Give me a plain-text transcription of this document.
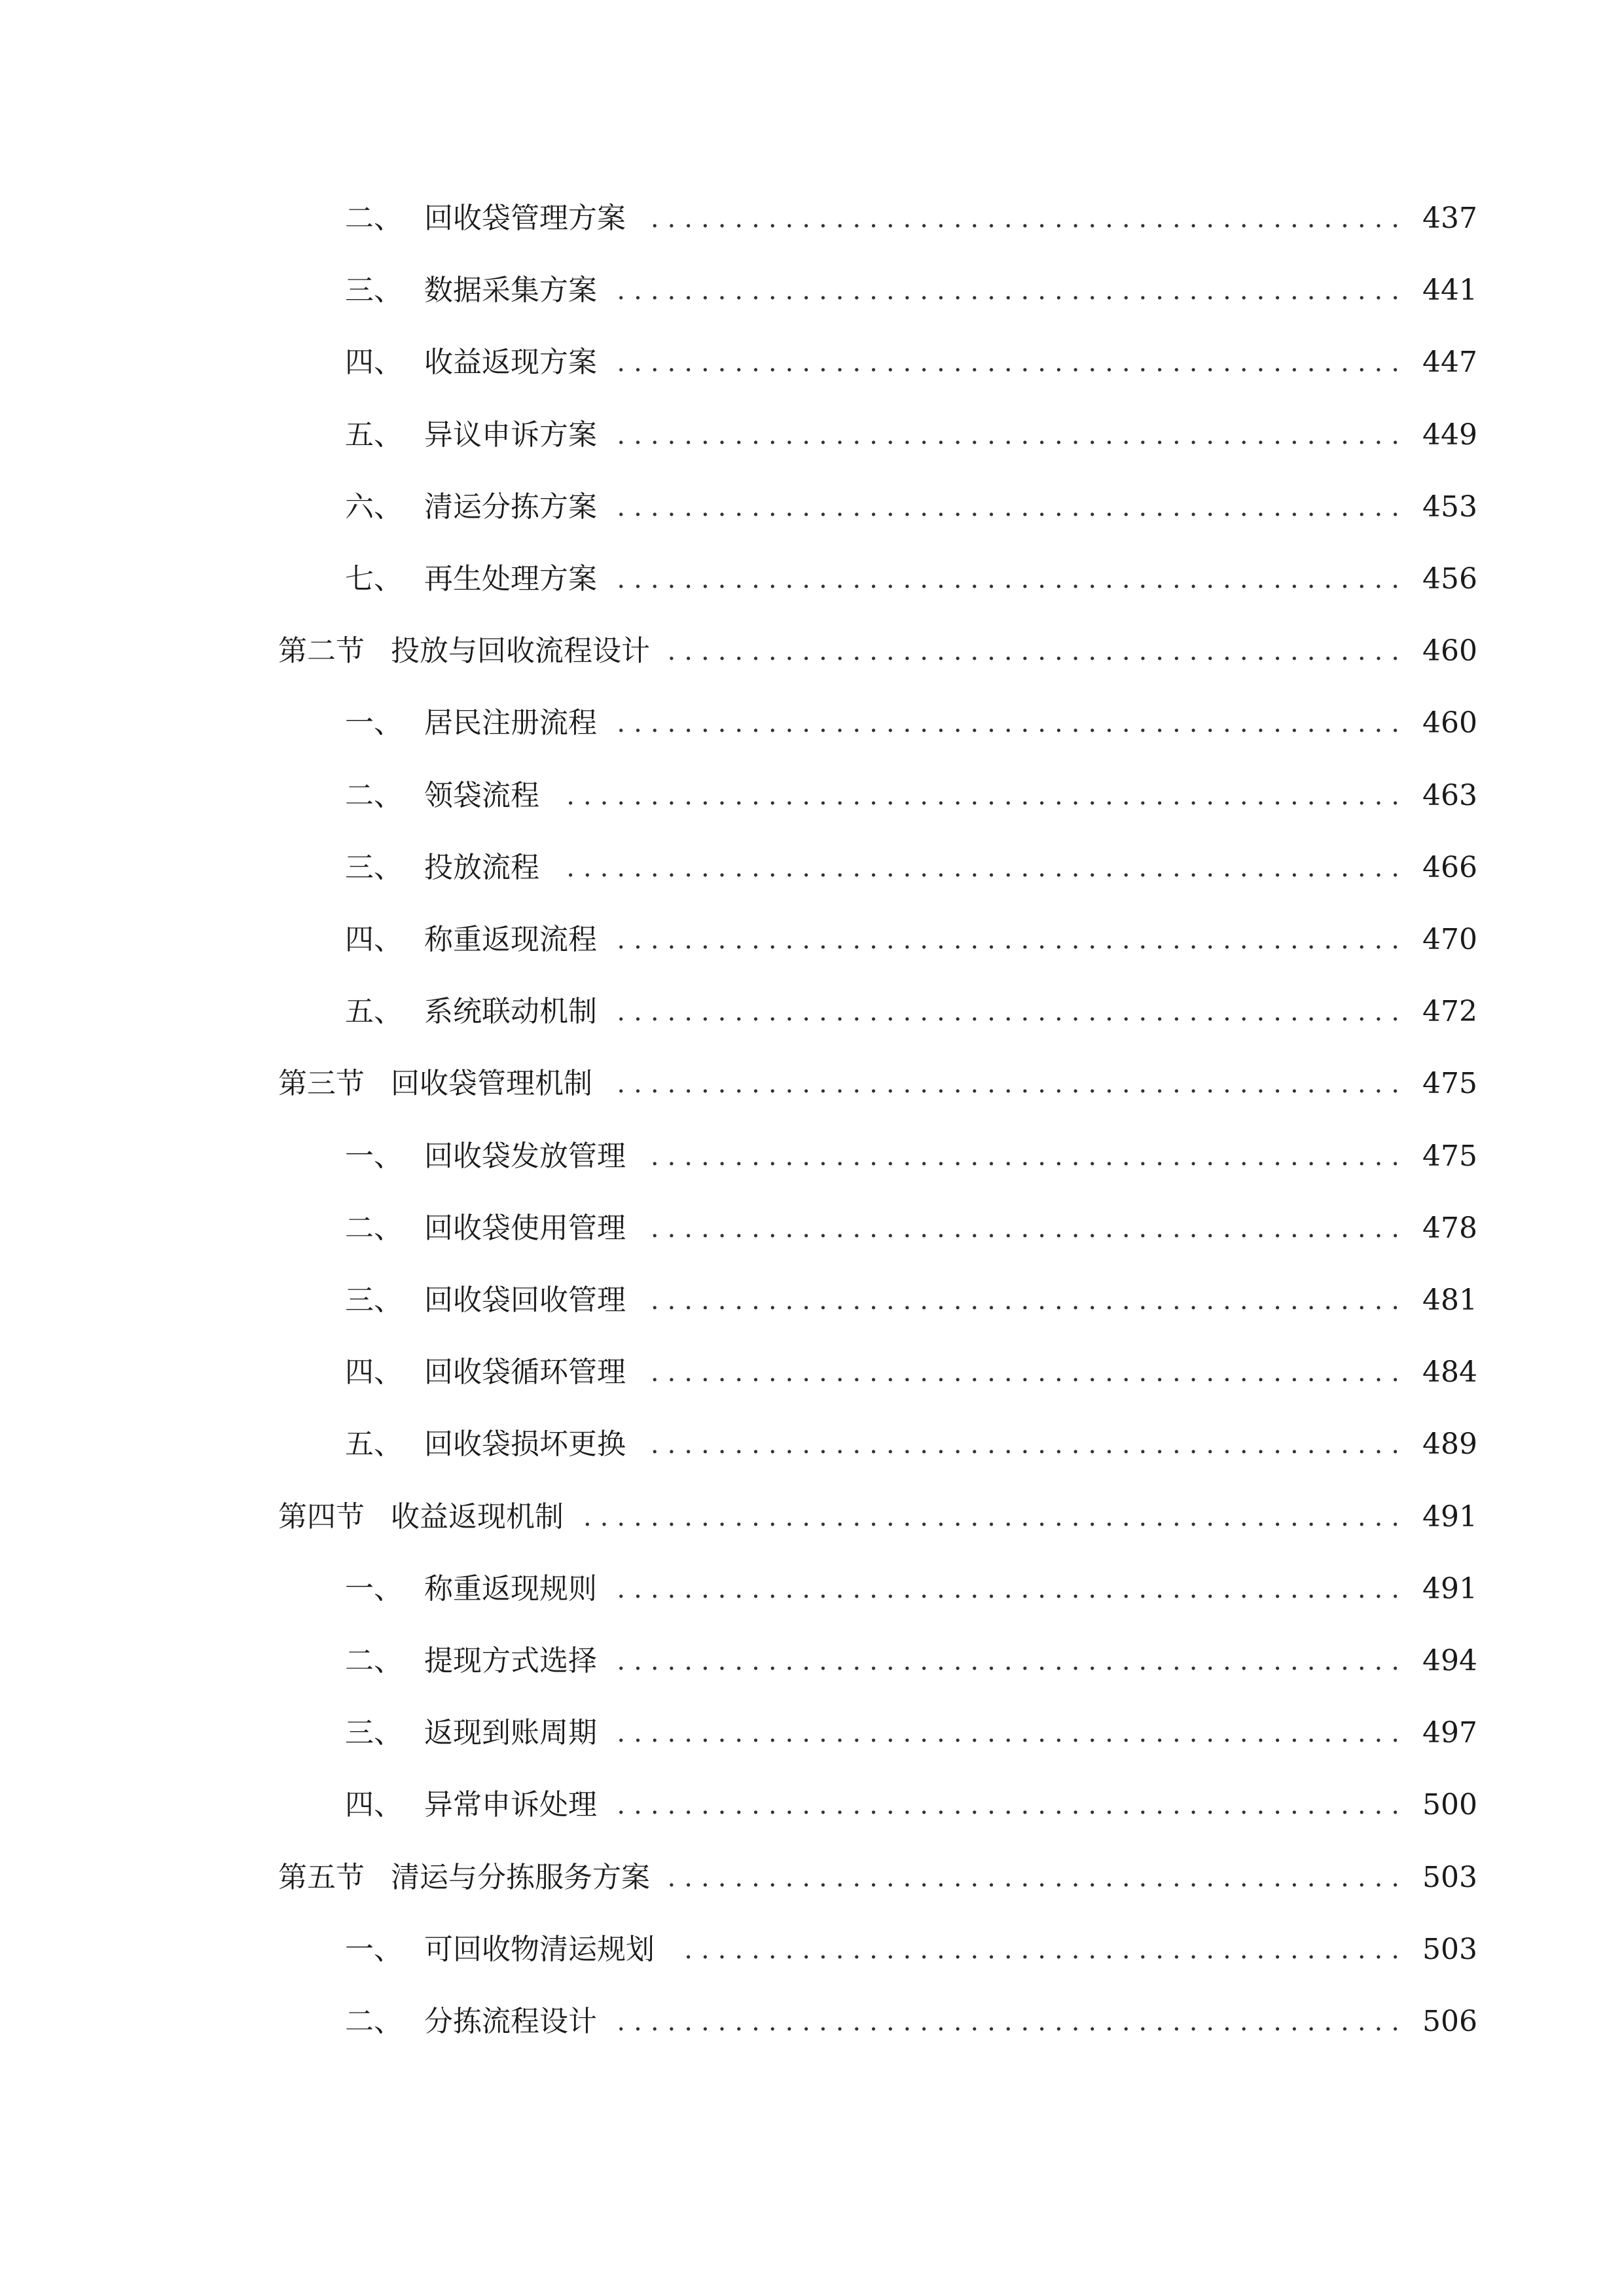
二、 回收袋管理方案 ............................................. 437
三、 数据采集方案 ............................................... 441
四、 收益返现方案 ............................................... 447
五、 异议申诉方案 ............................................... 449
六、 清运分拣方案 ............................................... 453
七、 再生处理方案 ............................................... 456
第二节 投放与回收流程设计 ............................................ 460
一、 居民注册流程 ............................................... 460
二、 领袋流程	.................................................. 463
三、 投放流程	.................................................. 466
四、 称重返现流程 ............................................... 470
五、 系统联动机制 ............................................... 472
第三节 回收袋管理机制 ............................................... 475
一、 回收袋发放管理 ............................................. 475
二、 回收袋使用管理 ............................................. 478
三、 回收袋回收管理 ............................................. 481
四、 回收袋循环管理 ............................................. 484
五、 回收袋损坏更换 ............................................. 489
第四节 收益返现机制 ................................................. 491
一、 称重返现规则 ............................................... 491
二、 提现方式选择 ............................................... 494
三、 返现到账周期 ............................................... 497
四、 异常申诉处理 ............................................... 500
第五节 清运与分拣服务方案 ............................................ 503
一、 可回收物清运规划	........................................... 503
二、 分拣流程设计 ............................................... 506
